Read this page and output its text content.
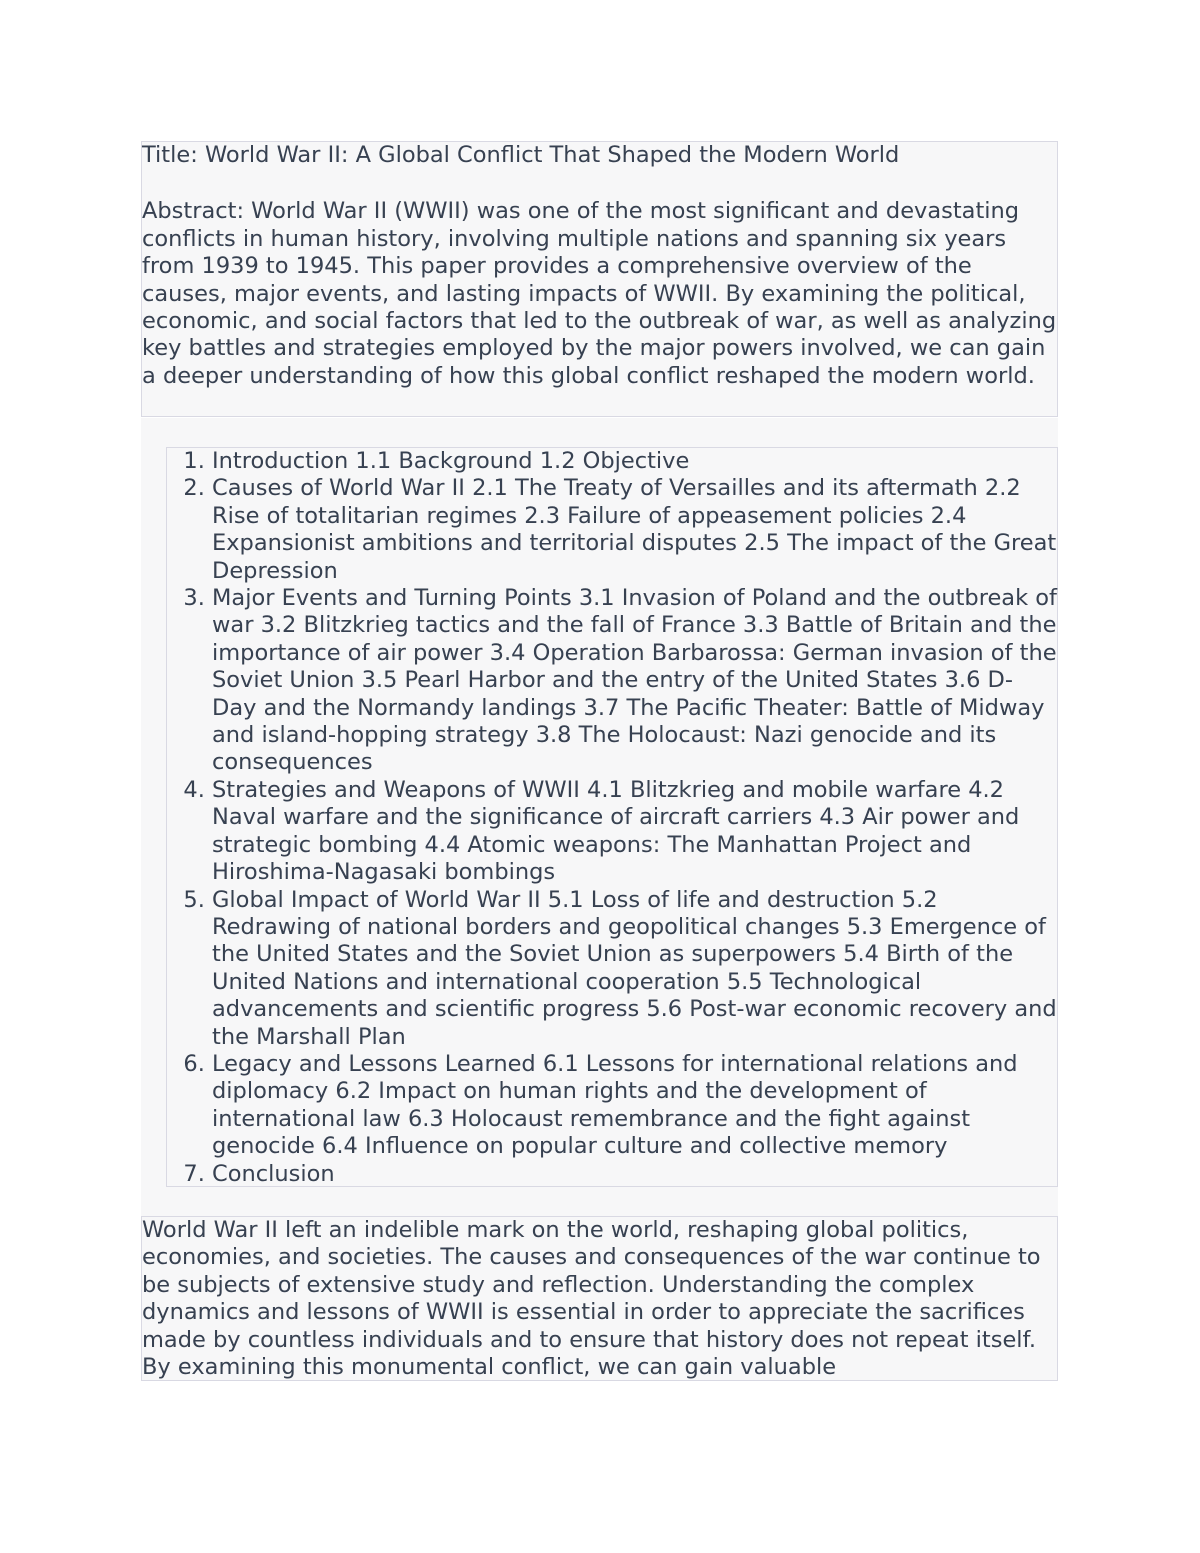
Title: World War II: A Global Conflict That Shaped the Modern World

Abstract: World War II (WWII) was one of the most significant and devastating conflicts in human history, involving multiple nations and spanning six years from 1939 to 1945. This paper provides a comprehensive overview of the causes, major events, and lasting impacts of WWII. By examining the political, economic, and social factors that led to the outbreak of war, as well as analyzing key battles and strategies employed by the major powers involved, we can gain a deeper understanding of how this global conflict reshaped the modern world.

1. Introduction 1.1 Background 1.2 Objective
2. Causes of World War II 2.1 The Treaty of Versailles and its aftermath 2.2 Rise of totalitarian regimes 2.3 Failure of appeasement policies 2.4 Expansionist ambitions and territorial disputes 2.5 The impact of the Great Depression
3. Major Events and Turning Points 3.1 Invasion of Poland and the outbreak of war 3.2 Blitzkrieg tactics and the fall of France 3.3 Battle of Britain and the importance of air power 3.4 Operation Barbarossa: German invasion of the Soviet Union 3.5 Pearl Harbor and the entry of the United States 3.6 D-Day and the Normandy landings 3.7 The Pacific Theater: Battle of Midway and island-hopping strategy 3.8 The Holocaust: Nazi genocide and its consequences
4. Strategies and Weapons of WWII 4.1 Blitzkrieg and mobile warfare 4.2 Naval warfare and the significance of aircraft carriers 4.3 Air power and strategic bombing 4.4 Atomic weapons: The Manhattan Project and Hiroshima-Nagasaki bombings
5. Global Impact of World War II 5.1 Loss of life and destruction 5.2 Redrawing of national borders and geopolitical changes 5.3 Emergence of the United States and the Soviet Union as superpowers 5.4 Birth of the United Nations and international cooperation 5.5 Technological advancements and scientific progress 5.6 Post-war economic recovery and the Marshall Plan
6. Legacy and Lessons Learned 6.1 Lessons for international relations and diplomacy 6.2 Impact on human rights and the development of international law 6.3 Holocaust remembrance and the fight against genocide 6.4 Influence on popular culture and collective memory
7. Conclusion

World War II left an indelible mark on the world, reshaping global politics, economies, and societies. The causes and consequences of the war continue to be subjects of extensive study and reflection. Understanding the complex dynamics and lessons of WWII is essential in order to appreciate the sacrifices made by countless individuals and to ensure that history does not repeat itself. By examining this monumental conflict, we can gain valuable
